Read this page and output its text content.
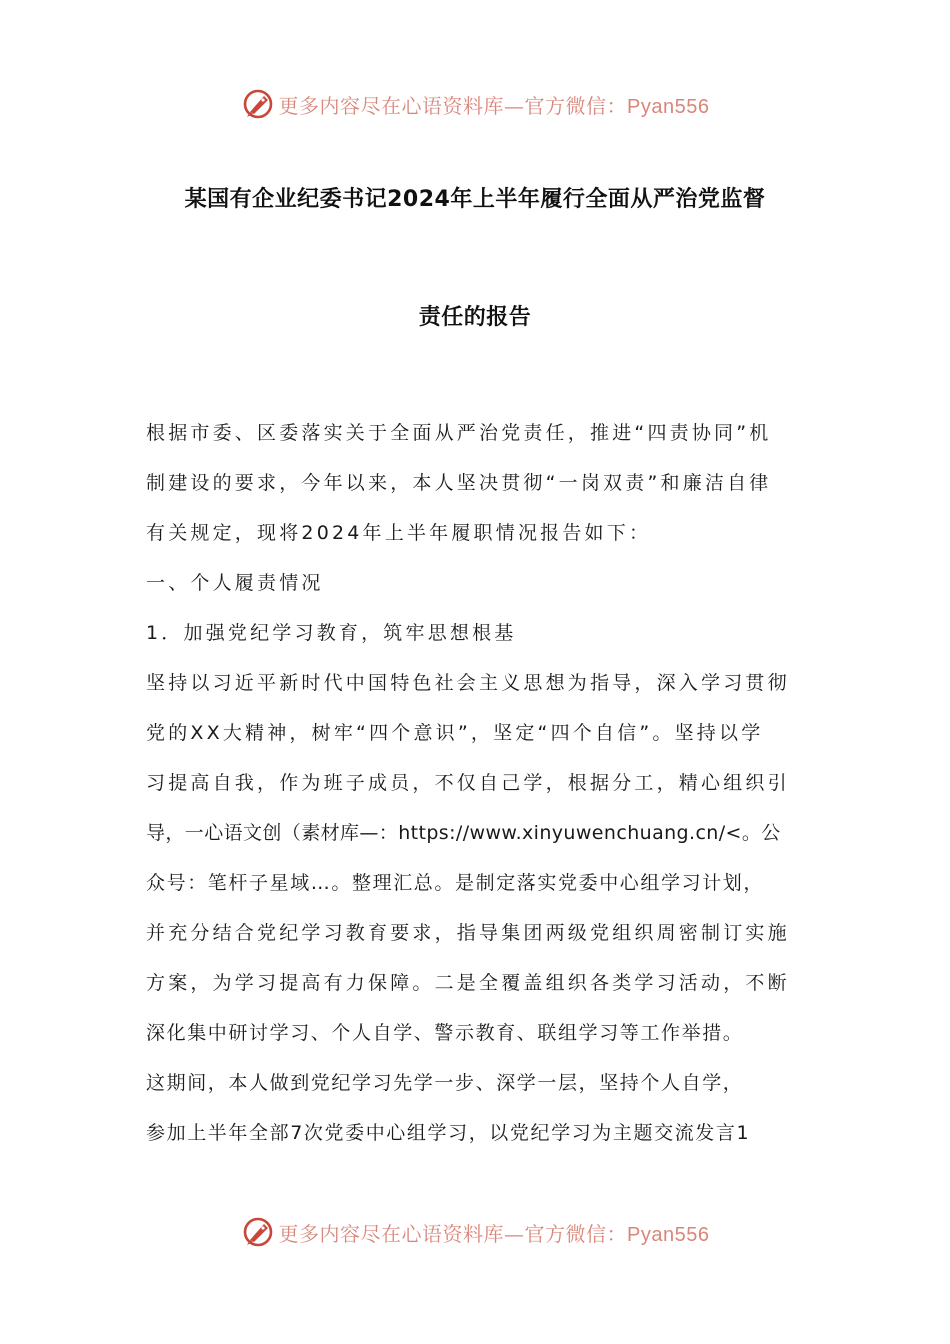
更多内容尽在心语资料库—官方微信：Pyan556
某国有企业纪委书记2024年上半年履行全面从严治党监督
责任的报告
根据市委、区委落实关于全面从严治党责任，推进“四责协同”机
制建设的要求，今年以来，本人坚决贯彻“一岗双责”和廉洁自律
有关规定，现将2024年上半年履职情况报告如下：
一、个人履责情况
1．加强党纪学习教育，筑牢思想根基
坚持以习近平新时代中国特色社会主义思想为指导，深入学习贯彻
党的XX大精神，树牢“四个意识”，坚定“四个自信”。坚持以学
习提高自我，作为班子成员，不仅自己学，根据分工，精心组织引
导，一心语文创（素材库—：https://www.xinyuwenchuang.cn/<。公
众号：笔杆子星域…。整理汇总。是制定落实党委中心组学习计划，
并充分结合党纪学习教育要求，指导集团两级党组织周密制订实施
方案，为学习提高有力保障。二是全覆盖组织各类学习活动，不断
深化集中研讨学习、个人自学、警示教育、联组学习等工作举措。
这期间，本人做到党纪学习先学一步、深学一层，坚持个人自学，
参加上半年全部7次党委中心组学习，以党纪学习为主题交流发言1
更多内容尽在心语资料库—官方微信：Pyan556
